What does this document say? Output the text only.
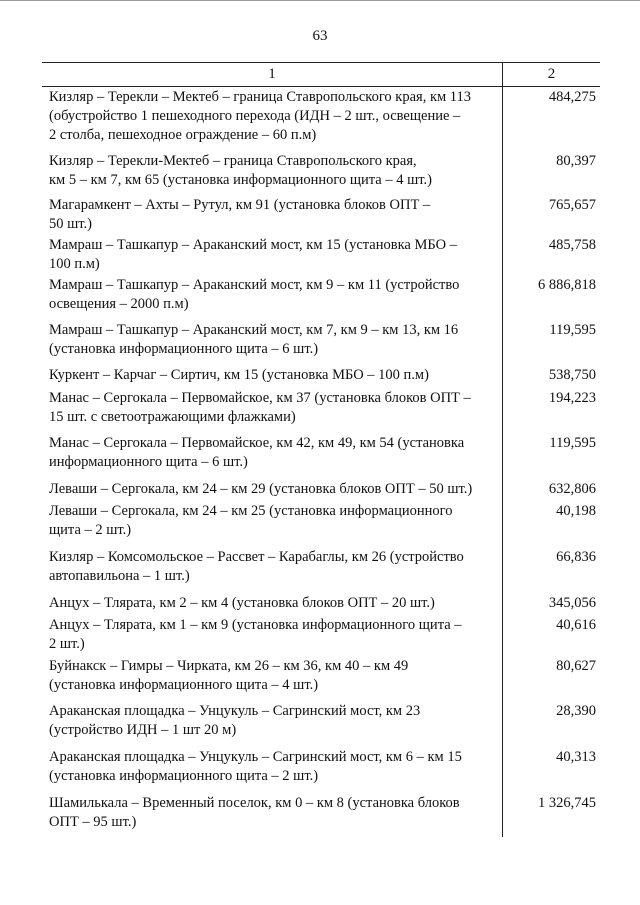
63
1	2
Кизляр – Терекли – Мектеб – граница Ставропольского края, км 113
(обустройство 1 пешеходного перехода (ИДН – 2 шт., освещение –
2 столба, пешеходное ограждение – 60 п.м)
484,275
Кизляр – Терекли-Мектеб – граница Ставропольского края,
км 5 – км 7, км 65 (установка информационного щита – 4 шт.)
80,397
Магарамкент – Ахты – Рутул, км 91 (установка блоков ОПТ –
50 шт.)
765,657
Мамраш – Ташкапур – Араканский мост, км 15 (установка МБО –
100 п.м)
485,758
Мамраш – Ташкапур – Араканский мост, км 9 – км 11 (устройство
освещения – 2000 п.м)
6 886,818
Мамраш – Ташкапур – Араканский мост, км 7, км 9 – км 13, км 16
(установка информационного щита – 6 шт.)
119,595
Куркент – Карчаг – Сиртич, км 15 (установка МБО – 100 п.м)	538,750
Манас – Сергокала – Первомайское, км 37 (установка блоков ОПТ –
15 шт. с светоотражающими флажками)
194,223
Манас – Сергокала – Первомайское, км 42, км 49, км 54 (установка
информационного щита – 6 шт.)
119,595
Леваши – Сергокала, км 24 – км 29 (установка блоков ОПТ – 50 шт.)	632,806
Леваши – Сергокала, км 24 – км 25 (установка информационного
щита – 2 шт.)
40,198
Кизляр – Комсомольское – Рассвет – Карабаглы, км 26 (устройство
автопавильона – 1 шт.)
66,836
Анцух – Тлярата, км 2 – км 4 (установка блоков ОПТ – 20 шт.)	345,056
Анцух – Тлярата, км 1 – км 9 (установка информационного щита –
2 шт.)
40,616
Буйнакск – Гимры – Чирката, км 26 – км 36, км 40 – км 49
(установка информационного щита – 4 шт.)
80,627
Араканская площадка – Унцукуль – Сагринский мост, км 23
(устройство ИДН – 1 шт 20 м)
28,390
Араканская площадка – Унцукуль – Сагринский мост, км 6 – км 15
(установка информационного щита – 2 шт.)
40,313
Шамилькала – Временный поселок, км 0 – км 8 (установка блоков
ОПТ – 95 шт.)
1 326,745
